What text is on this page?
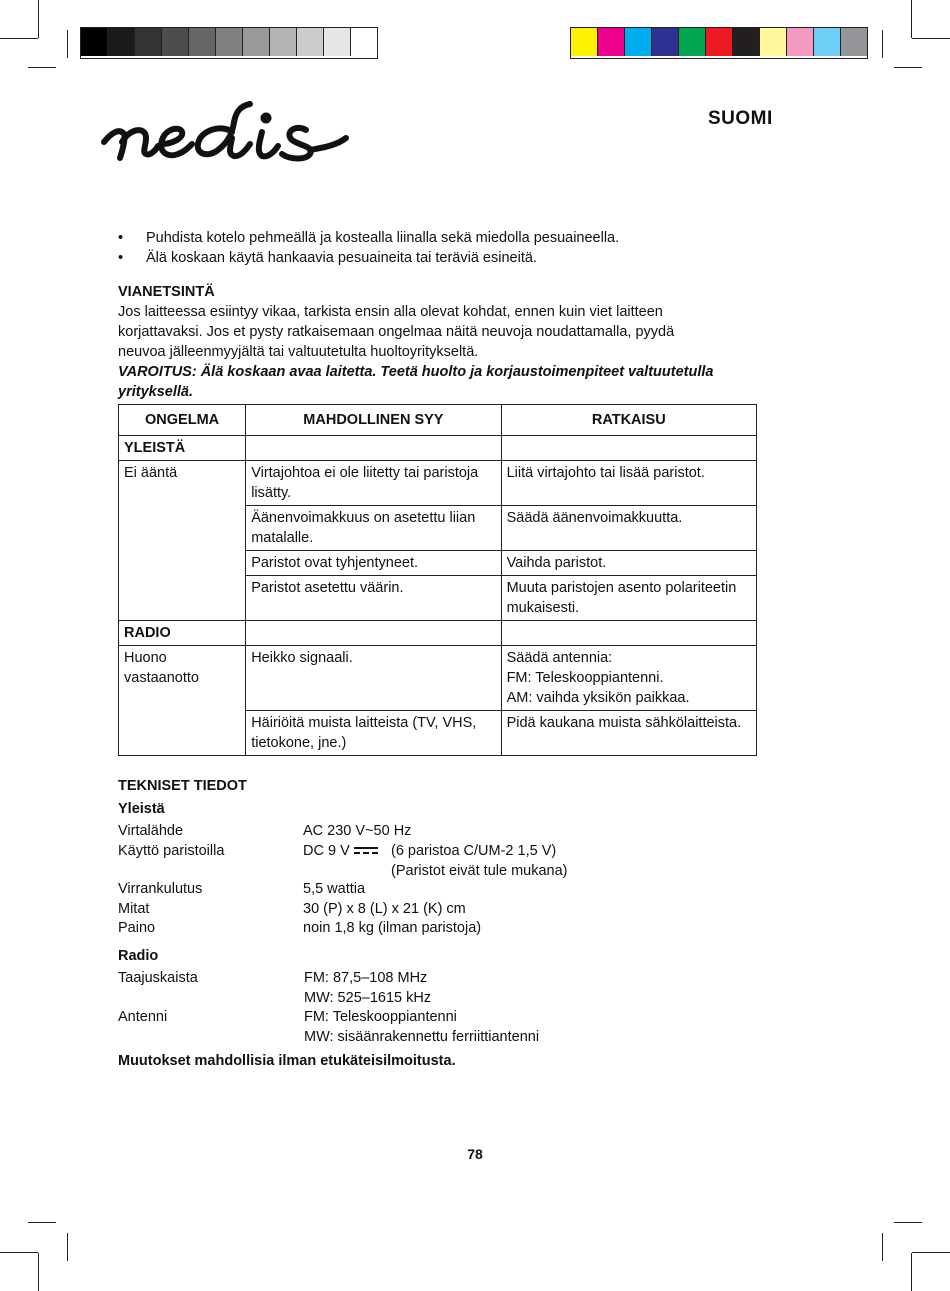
SUOMI
• Puhdista kotelo pehmeällä ja kostealla liinalla sekä miedolla pesuaineella.
• Älä koskaan käytä hankaavia pesuaineita tai teräviä esineitä.
VIANETSINTÄ
Jos laitteessa esiintyy vikaa, tarkista ensin alla olevat kohdat, ennen kuin viet laitteen
korjattavaksi. Jos et pysty ratkaisemaan ongelmaa näitä neuvoja noudattamalla, pyydä
neuvoa jälleenmyyjältä tai valtuutetulta huoltoyritykseltä.
VAROITUS: Älä koskaan avaa laitetta. Teetä huolto ja korjaustoimenpiteet valtuutetulla
yrityksellä.
ONGELMA	MAHDOLLINEN SYY	RATKAISU
YLEISTÄ		
Ei ääntä	Virtajohtoa ei ole liitetty tai paristoja lisätty.	Liitä virtajohto tai lisää paristot.
	Äänenvoimakkuus on asetettu liian matalalle.	Säädä äänenvoimakkuutta.
	Paristot ovat tyhjentyneet.	Vaihda paristot.
	Paristot asetettu väärin.	Muuta paristojen asento polariteetin mukaisesti.
RADIO		
Huono vastaanotto	Heikko signaali.	Säädä antennia:
FM: Teleskooppiantenni.
AM: vaihda yksikön paikkaa.

	Häiriöitä muista laitteista (TV, VHS, tietokone, jne.)	Pidä kaukana muista sähkölaitteista.
TEKNISET TIEDOT
Yleistä
Virtalähde	AC 230 V~50 Hz
Käyttö paristoilla	DC 9 V	(6 paristoa C/UM-2 1,5 V)
(Paristot eivät tule mukana)
Virrankulutus	5,5 wattia
Mitat	30 (P) x 8 (L) x 21 (K) cm
Paino	noin 1,8 kg (ilman paristoja)
Radio
Taajuskaista	FM: 87,5–108 MHz
MW: 525–1615 kHz
Antenni	FM: Teleskooppiantenni
MW: sisäänrakennettu ferriittiantenni
Muutokset mahdollisia ilman etukäteisilmoitusta.
78
